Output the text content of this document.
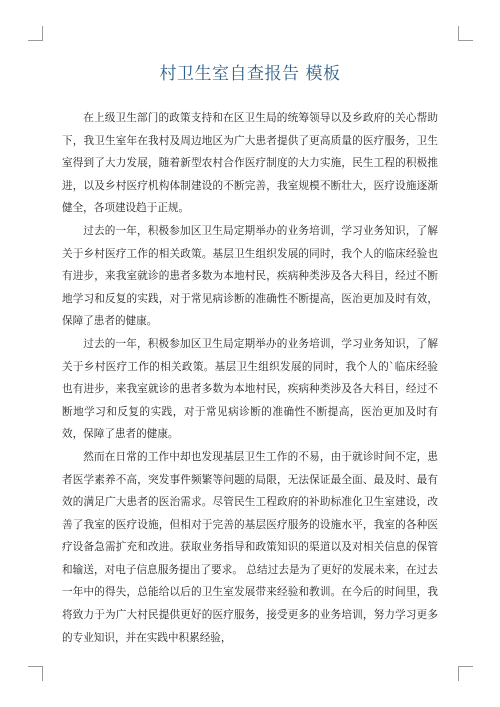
村卫生室自查报告 模板

在上级卫生部门的政策支持和在区卫生局的统筹领导以及乡政府的关心帮助下，我卫生室年在我村及周边地区为广大患者提供了更高质量的医疗服务，卫生室得到了大力发展，随着新型农村合作医疗制度的大力实施，民生工程的积极推进，以及乡村医疗机构体制建设的不断完善，我室规模不断壮大，医疗设施逐渐健全，各项建设趋于正规。

过去的一年，积极参加区卫生局定期举办的业务培训，学习业务知识，了解关于乡村医疗工作的相关政策。基层卫生组织发展的同时，我个人的临床经验也有进步，来我室就诊的患者多数为本地村民，疾病种类涉及各大科目，经过不断地学习和反复的实践，对于常见病诊断的准确性不断提高，医治更加及时有效，保障了患者的健康。

过去的一年，积极参加区卫生局定期举办的业务培训，学习业务知识，了解关于乡村医疗工作的相关政策。基层卫生组织发展的同时，我个人的`临床经验也有进步，来我室就诊的患者多数为本地村民，疾病种类涉及各大科目，经过不断地学习和反复的实践，对于常见病诊断的准确性不断提高，医治更加及时有效，保障了患者的健康。

然而在日常的工作中却也发现基层卫生工作的不易，由于就诊时间不定，患者医学素养不高，突发事件频繁等问题的局限，无法保证最全面、最及时、最有效的满足广大患者的医治需求。尽管民生工程政府的补助标准化卫生室建设，改善了我室的医疗设施，但相对于完善的基层医疗服务的设施水平，我室的各种医疗设备急需扩充和改进。获取业务指导和政策知识的渠道以及对相关信息的保管和输送，对电子信息服务提出了要求。 总结过去是为了更好的发展未来，在过去一年中的得失，总能给以后的卫生室发展带来经验和教训。在今后的时间里，我将致力于为广大村民提供更好的医疗服务，接受更多的业务培训，努力学习更多的专业知识，并在实践中积累经验，
